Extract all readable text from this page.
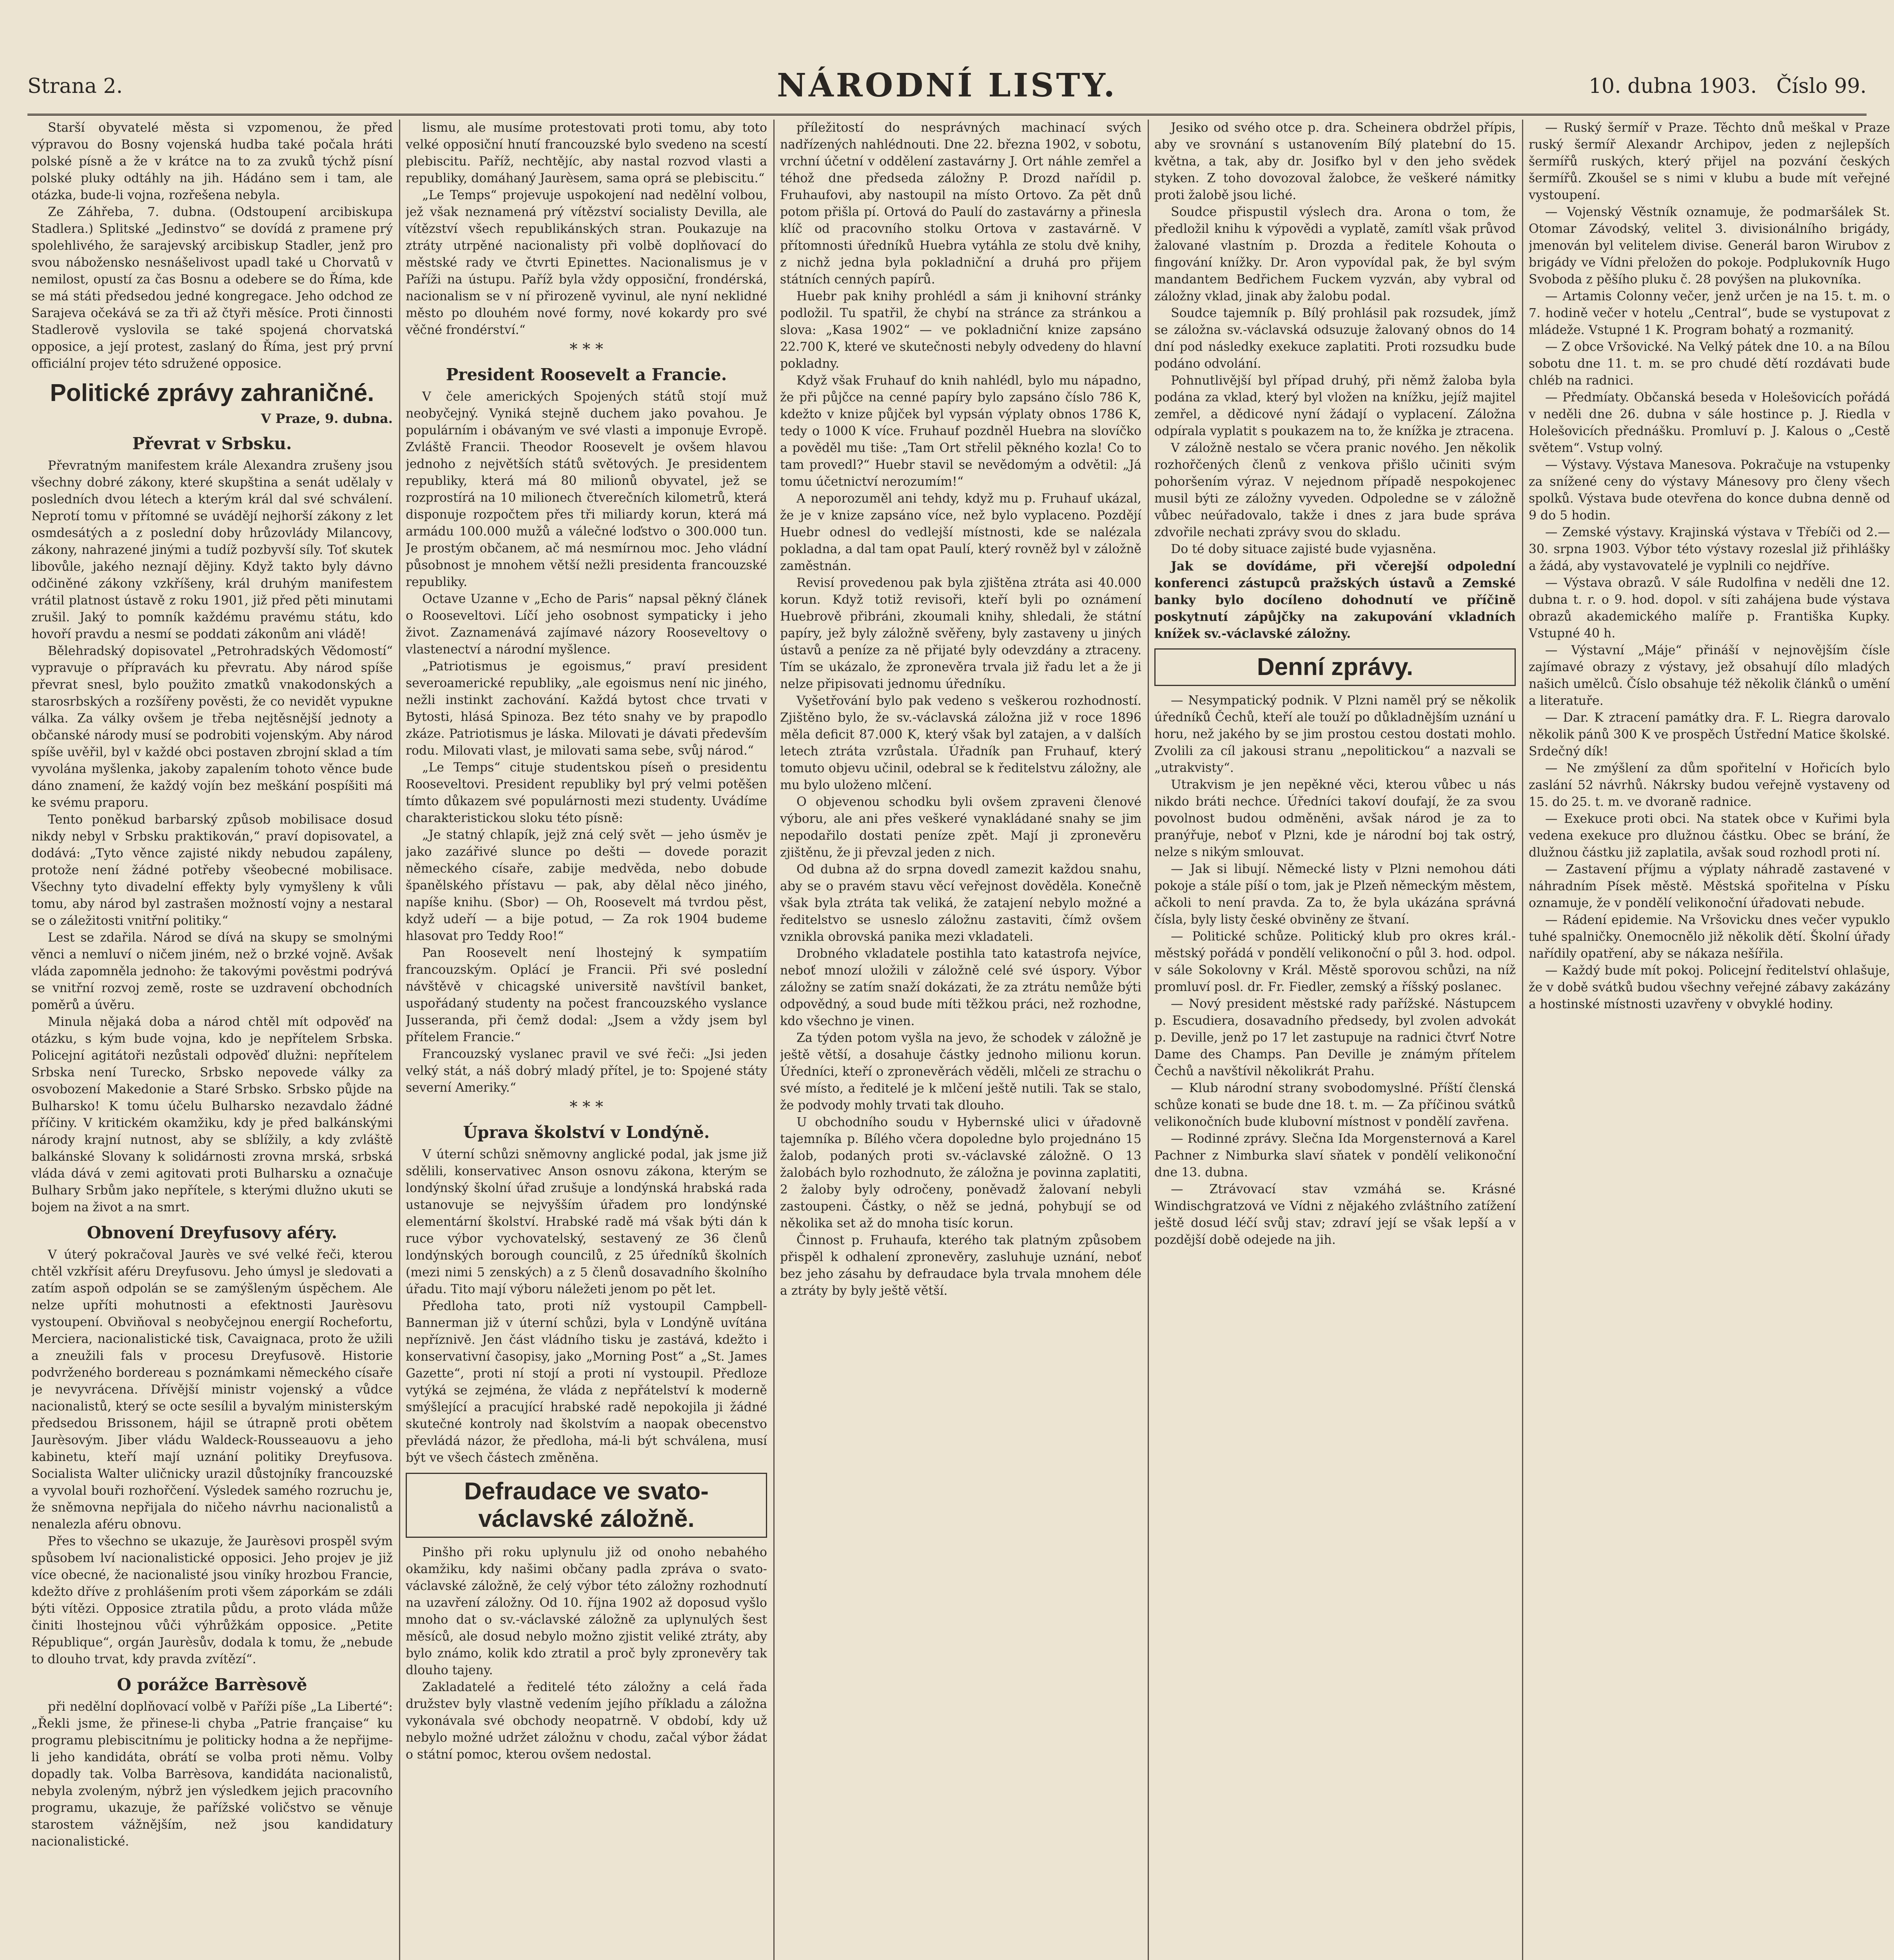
Strana 2.	NÁRODNÍ LISTY.	10. dubna 1903. Číslo 99.

Starší obyvatelé města si vzpomenou, že před výpravou do Bosny vojenská hudba také počala hráti polské písně a že v krátce na to za zvuků týchž písní polské pluky odtáhly na jih. Hádáno sem i tam, ale otázka, bude-li vojna, rozřešena nebyla.

Ze Záhřeba, 7. dubna. (Odstoupení arcibiskupa Stadlera.) Splitské „Jedinstvo“ se dovídá z pramene prý spolehlivého, že sarajevský arcibiskup Stadler, jenž pro svou nábožensko nesnášelivost upadl také u Chorvatů v nemilost, opustí za čas Bosnu a odebere se do Říma, kde se má státi předsedou jedné kongregace. Jeho odchod ze Sarajeva očekává se za tři až čtyři měsíce. Proti činnosti Stadlerově vyslovila se také spojená chorvatská opposice, a její protest, zaslaný do Říma, jest prý první officiální projev této sdružené opposice.

Politické zprávy zahraničné.

V Praze, 9. dubna.

Převrat v Srbsku.

Převratným manifestem krále Alexandra zrušeny jsou všechny dobré zákony, které skupština a senát udělaly v posledních dvou létech a kterým král dal své schválení. Neprotí tomu v přítomné se uvádějí nejhorší zákony z let osmdesátých a z poslední doby hrůzovlády Milancovy, zákony, nahrazené jinými a tudíž pozbyvší síly. Toť skutek libovůle, jakého neznají dějiny. Když takto byly dávno odčiněné zákony vzkříšeny, král druhým manifestem vrátil platnost ústavě z roku 1901, již před pěti minutami zrušil. Jaký to pomník každému pravému státu, kdo hovoří pravdu a nesmí se poddati zákonům ani vládě!

Bělehradský dopisovatel „Petrohradských Vědomostí“ vypravuje o přípravách ku převratu. Aby národ spíše převrat snesl, bylo použito zmatků vnakodonských a starosrbských a rozšířeny pověsti, že co nevidět vypukne válka. Za války ovšem je třeba nejtěsnější jednoty a občanské národy musí se podrobiti vojenským. Aby národ spíše uvěřil, byl v každé obci postaven zbrojní sklad a tím vyvolána myšlenka, jakoby zapalením tohoto věnce bude dáno znamení, že každý vojín bez meškání pospíšiti má ke svému praporu.

Tento poněkud barbarský způsob mobilisace dosud nikdy nebyl v Srbsku praktikován,“ praví dopisovatel, a dodává: „Tyto věnce zajisté nikdy nebudou zapáleny, protože není žádné potřeby všeobecné mobilisace. Všechny tyto divadelní effekty byly vymyšleny k vůli tomu, aby národ byl zastrašen možností vojny a nestaral se o záležitosti vnitřní politiky.“

Lest se zdařila. Národ se dívá na skupy se smolnými věnci a nemluví o ničem jiném, než o brzké vojně. Avšak vláda zapomněla jednoho: že takovými pověstmi podrývá se vnitřní rozvoj země, roste se uzdravení obchodních poměrů a úvěru.

Minula nějaká doba a národ chtěl mít odpověď na otázku, s kým bude vojna, kdo je nepřítelem Srbska. Policejní agitátoři nezůstali odpověď dlužni: nepřítelem Srbska není Turecko, Srbsko nepovede války za osvobození Makedonie a Staré Srbsko. Srbsko půjde na Bulharsko! K tomu účelu Bulharsko nezavdalo žádné příčiny. V kritickém okamžiku, kdy je před balkánskými národy krajní nutnost, aby se sblížily, a kdy zvláště balkánské Slovany k solidárnosti zrovna mrská, srbská vláda dává v zemi agitovati proti Bulharsku a označuje Bulhary Srbům jako nepřítele, s kterými dlužno ukuti se bojem na život a na smrt.

Obnovení Dreyfusovy aféry.

V úterý pokračoval Jaurès ve své velké řeči, kterou chtěl vzkřísit aféru Dreyfusovu. Jeho úmysl je sledovati a zatím aspoň odpolán se se zamýšleným úspěchem. Ale nelze upříti mohutnosti a efektnosti Jaurèsovu vystoupení. Obviňoval s neobyčejnou energií Rochefortu, Merciera, nacionalistické tisk, Cavaignaca, proto že užili a zneužili fals v procesu Dreyfusově. Historie podvrženého bordereau s poznámkami německého císaře je nevyvrácena. Dřívější ministr vojenský a vůdce nacionalistů, který se octe sesílil a byvalým ministerským předsedou Brissonem, hájil se útrapně proti obětem Jaurèsovým. Jiber vládu Waldeck-Rousseauovu a jeho kabinetu, kteří mají uznání politiky Dreyfusova. Socialista Walter uličnicky urazil důstojníky francouzské a vyvolal bouři rozhořčení. Výsledek samého rozruchu je, že sněmovna nepřijala do ničeho návrhu nacionalistů a nenalezla aféru obnovu.

Přes to všechno se ukazuje, že Jaurèsovi prospěl svým spůsobem lví nacionalistické opposici. Jeho projev je již více obecné, že nacionalisté jsou viníky hrozbou Francie, kdežto dříve z prohlášením proti všem záporkám se zdáli býti vítězi. Opposice ztratila půdu, a proto vláda může činiti lhostejnou vůči výhrůžkám opposice. „Petite République“, orgán Jaurèsův, dodala k tomu, že „nebude to dlouho trvat, kdy pravda zvítězí“.

O porážce Barrèsově

při nedělní doplňovací volbě v Paříži píše „La Liberté“: „Řekli jsme, že přinese-li chyba „Patrie française“ ku programu plebiscitnímu je politicky hodna a že nepřijme-li jeho kandidáta, obrátí se volba proti němu. Volby dopadly tak. Volba Barrèsova, kandidáta nacionalistů, nebyla zvoleným, nýbrž jen výsledkem jejich pracovního programu, ukazuje, že pařížské voličstvo se věnuje starostem vážnějším, než jsou kandidatury nacionalistické.

lismu, ale musíme protestovati proti tomu, aby toto velké opposiční hnutí francouzské bylo svedeno na scestí plebiscitu. Paříž, nechtějíc, aby nastal rozvod vlasti a republiky, domáhaný Jaurèsem, sama oprá se plebiscitu.“

„Le Temps“ projevuje uspokojení nad nedělní volbou, jež však neznamená prý vítězství socialisty Devilla, ale vítězství všech republikánských stran. Poukazuje na ztráty utrpěné nacionalisty při volbě doplňovací do městské rady ve čtvrti Epinettes. Nacionalismus je v Paříži na ústupu. Paříž byla vždy opposiční, frondérská, nacionalism se v ní přirozeně vyvinul, ale nyní neklidné město po dlouhém nové formy, nové kokardy pro své věčné frondérství.“

* * *

President Roosevelt a Francie.

V čele amerických Spojených států stojí muž neobyčejný. Vyniká stejně duchem jako povahou. Je populárním i obávaným ve své vlasti a imponuje Evropě. Zvláště Francii. Theodor Roosevelt je ovšem hlavou jednoho z největších států světových. Je presidentem republiky, která má 80 milionů obyvatel, jež se rozprostírá na 10 milionech čtverečních kilometrů, která disponuje rozpočtem přes tři miliardy korun, která má armádu 100.000 mužů a válečné loďstvo o 300.000 tun. Je prostým občanem, ač má nesmírnou moc. Jeho vládní působnost je mnohem větší nežli presidenta francouzské republiky.

Octave Uzanne v „Echo de Paris“ napsal pěkný článek o Rooseveltovi. Líčí jeho osobnost sympaticky i jeho život. Zaznamenává zajímavé názory Rooseveltovy o vlastenectví a národní myšlence.

„Patriotismus je egoismus,“ praví president severoamerické republiky, „ale egoismus není nic jiného, nežli instinkt zachování. Každá bytost chce trvati v Bytosti, hlásá Spinoza. Bez této snahy ve by prapodlo zkáze. Patriotismus je láska. Milovati je dávati především rodu. Milovati vlast, je milovati sama sebe, svůj národ.“

„Le Temps“ cituje studentskou píseň o presidentu Rooseveltovi. President republiky byl prý velmi potěšen tímto důkazem své populárnosti mezi studenty. Uvádíme charakteristickou sloku této písně:

„Je statný chlapík, jejž zná celý svět — jeho úsměv je jako zazářivé slunce po dešti — dovede porazit německého císaře, zabije medvěda, nebo dobude španělského přístavu — pak, aby dělal něco jiného, napíše knihu. (Sbor) — Oh, Roosevelt má tvrdou pěst, když udeří — a bije potud, — Za rok 1904 budeme hlasovat pro Teddy Roo!“

Pan Roosevelt není lhostejný k sympatiím francouzským. Oplácí je Francii. Při své poslední návštěvě v chicagské universitě navštívil banket, uspořádaný studenty na počest francouzského vyslance Jusseranda, při čemž dodal: „Jsem a vždy jsem byl přítelem Francie.“

Francouzský vyslanec pravil ve své řeči: „Jsi jeden velký stát, a náš dobrý mladý přítel, je to: Spojené státy severní Ameriky.“

* * *

Úprava školství v Londýně.

V úterní schůzi sněmovny anglické podal, jak jsme již sdělili, konservativec Anson osnovu zákona, kterým se londýnský školní úřad zrušuje a londýnská hrabská rada ustanovuje se nejvyšším úřadem pro londýnské elementární školství. Hrabské radě má však býti dán k ruce výbor vychovatelský, sestavený ze 36 členů londýnských borough councilů, z 25 úředníků školních (mezi nimi 5 zenských) a z 5 členů dosavadního školního úřadu. Tito mají výboru náležeti jenom po pět let.

Předloha tato, proti níž vystoupil Campbell-Bannerman již v úterní schůzi, byla v Londýně uvítána nepříznivě. Jen část vládního tisku je zastává, kdežto i konservativní časopisy, jako „Morning Post“ a „St. James Gazette“, proti ní stojí a proti ní vystoupil. Předloze vytýká se zejména, že vláda z nepřátelství k moderně smýšlející a pracující hrabské radě nepokojila ji žádné skutečné kontroly nad školstvím a naopak obecenstvo převládá názor, že předloha, má-li být schválena, musí být ve všech částech změněna.

Defraudace ve svato-václavské záložně.

Pinšho při roku uplynulu již od onoho nebahého okamžiku, kdy našimi občany padla zpráva o svato-václavské záložně, že celý výbor této záložny rozhodnutí na uzavření záložny. Od 10. října 1902 až doposud vyšlo mnoho dat o sv.-václavské záložně za uplynulých šest měsíců, ale dosud nebylo možno zjistit veliké ztráty, aby bylo známo, kolik kdo ztratil a proč byly zpronevěry tak dlouho tajeny.

Zakladatelé a ředitelé této záložny a celá řada družstev byly vlastně vedením jejího příkladu a záložna vykonávala své obchody neopatrně. V období, kdy už nebylo možné udržet záložnu v chodu, začal výbor žádat o státní pomoc, kterou ovšem nedostal.

příležitostí do nesprávných machinací svých nadřízených nahlédnouti. Dne 22. března 1902, v sobotu, vrchní účetní v oddělení zastavárny J. Ort náhle zemřel a téhož dne předseda záložny P. Drozd nařídil p. Fruhaufovi, aby nastoupil na místo Ortovo. Za pět dnů potom přišla pí. Ortová do Paulí do zastavárny a přinesla klíč od pracovního stolku Ortova v zastavárně. V přítomnosti úředníků Huebra vytáhla ze stolu dvě knihy, z nichž jedna byla pokladniční a druhá pro přijem státních cenných papírů.

Huebr pak knihy prohlédl a sám ji knihovní stránky podložil. Tu spatřil, že chybí na stránce za stránkou a slova: „Kasa 1902“ — ve pokladniční knize zapsáno 22.700 K, které ve skutečnosti nebyly odvedeny do hlavní pokladny.

Když však Fruhauf do knih nahlédl, bylo mu nápadno, že při půjčce na cenné papíry bylo zapsáno číslo 786 K, kdežto v knize půjček byl vypsán výplaty obnos 1786 K, tedy o 1000 K více. Fruhauf pozdněl Huebra na slovíčko a pověděl mu tiše: „Tam Ort střelil pěkného kozla! Co to tam provedl?“ Huebr stavil se nevědomým a odvětil: „Já tomu účetnictví nerozumím!“

A neporozuměl ani tehdy, když mu p. Fruhauf ukázal, že je v knize zapsáno více, než bylo vyplaceno. Pozdějí Huebr odnesl do vedlejší místnosti, kde se nalézala pokladna, a dal tam opat Paulí, který rovněž byl v záložně zaměstnán.

Revisí provedenou pak byla zjištěna ztráta asi 40.000 korun. Když totiž revisoři, kteří byli po oznámení Huebrově přibráni, zkoumali knihy, shledali, že státní papíry, jež byly záložně svěřeny, byly zastaveny u jiných ústavů a peníze za ně přijaté byly odevzdány a ztraceny. Tím se ukázalo, že zpronevěra trvala již řadu let a že ji nelze připisovati jednomu úředníku.

Vyšetřování bylo pak vedeno s veškerou rozhodností. Zjištěno bylo, že sv.-václavská záložna již v roce 1896 měla deficit 87.000 K, který však byl zatajen, a v dalších letech ztráta vzrůstala. Úřadník pan Fruhauf, který tomuto objevu učinil, odebral se k ředitelstvu záložny, ale mu bylo uloženo mlčení.

O objevenou schodku byli ovšem zpraveni členové výboru, ale ani přes veškeré vynakládané snahy se jim nepodařilo dostati peníze zpět. Mají ji zpronevěru zjištěnu, že ji převzal jeden z nich.

Od dubna až do srpna dovedl zamezit každou snahu, aby se o pravém stavu věcí veřejnost dověděla. Konečně však byla ztráta tak veliká, že zatajení nebylo možné a ředitelstvo se usneslo záložnu zastaviti, čímž ovšem vznikla obrovská panika mezi vkladateli.

Drobného vkladatele postihla tato katastrofa nejvíce, neboť mnozí uložili v záložně celé své úspory. Výbor záložny se zatím snaží dokázati, že za ztrátu nemůže býti odpovědný, a soud bude míti těžkou práci, než rozhodne, kdo všechno je vinen.

Za týden potom vyšla na jevo, že schodek v záložně je ještě větší, a dosahuje částky jednoho milionu korun. Úředníci, kteří o zpronevěrách věděli, mlčeli ze strachu o své místo, a ředitelé je k mlčení ještě nutili. Tak se stalo, že podvody mohly trvati tak dlouho.

U obchodního soudu v Hybernské ulici v úřadovně tajemníka p. Bílého včera dopoledne bylo projednáno 15 žalob, podaných proti sv.-václavské záložně. O 13 žalobách bylo rozhodnuto, že záložna je povinna zaplatiti, 2 žaloby byly odročeny, poněvadž žalovaní nebyli zastoupeni. Částky, o něž se jedná, pohybují se od několika set až do mnoha tisíc korun.

Činnost p. Fruhaufa, kterého tak platným způsobem přispěl k odhalení zpronevěry, zasluhuje uznání, neboť bez jeho zásahu by defraudace byla trvala mnohem déle a ztráty by byly ještě větší.

Jesiko od svého otce p. dra. Scheinera obdržel přípis, aby ve srovnání s ustanovením Bílý platební do 15. května, a tak, aby dr. Josifko byl v den jeho svědek styken. Z toho dovozoval žalobce, že veškeré námitky proti žalobě jsou liché.

Soudce přispustil výslech dra. Arona o tom, že předložil knihu k výpovědi a vyplatě, zamítl však průvod žalované vlastním p. Drozda a ředitele Kohouta o fingování knížky. Dr. Aron vypovídal pak, že byl svým mandantem Bedřichem Fuckem vyzván, aby vybral od záložny vklad, jinak aby žalobu podal.

Soudce tajemník p. Bílý prohlásil pak rozsudek, jímž se záložna sv.-václavská odsuzuje žalovaný obnos do 14 dní pod následky exekuce zaplatiti. Proti rozsudku bude podáno odvolání.

Pohnutlivější byl případ druhý, při němž žaloba byla podána za vklad, který byl vložen na knížku, jejíž majitel zemřel, a dědicové nyní žádají o vyplacení. Záložna odpírala vyplatit s poukazem na to, že knížka je ztracena.

V záložně nestalo se včera pranic nového. Jen několik rozhořčených členů z venkova přišlo učiniti svým pohoršením výraz. V nejednom případě nespokojenec musil býti ze záložny vyveden. Odpoledne se v záložně vůbec neúřadovalo, takže i dnes z jara bude správa zdvořile nechati zprávy svou do skladu.

Do té doby situace zajisté bude vyjasněna.

Jak se dovídáme, při včerejší odpolední konferenci zástupců pražských ústavů a Zemské banky bylo docíleno dohodnutí ve příčině poskytnutí zápůjčky na zakupování vkladních knížek sv.-václavské záložny.

Denní zprávy.

— Nesympatický podnik. V Plzni naměl prý se několik úředníků Čechů, kteří ale touží po důkladnějším uznání u horu, než jakého by se jim prostou cestou dostati mohlo. Zvolili za cíl jakousi stranu „nepolitickou“ a nazvali se „utrakvisty“.

Utrakvism je jen nepěkné věci, kterou vůbec u nás nikdo bráti nechce. Úředníci takoví doufají, že za svou povolnost budou odměněni, avšak národ je za to pranýřuje, neboť v Plzni, kde je národní boj tak ostrý, nelze s nikým smlouvat.

— Jak si libují. Německé listy v Plzni nemohou dáti pokoje a stále píší o tom, jak je Plzeň německým městem, ačkoli to není pravda. Za to, že byla ukázána správná čísla, byly listy české obviněny ze štvaní.

— Politické schůze. Politický klub pro okres král.-městský pořádá v pondělí velikonoční o půl 3. hod. odpol. v sále Sokolovny v Král. Městě sporovou schůzi, na níž promluví posl. dr. Fr. Fiedler, zemský a říšský poslanec.

— Nový president městské rady pařížské. Nástupcem p. Escudiera, dosavadního předsedy, byl zvolen advokát p. Deville, jenž po 17 let zastupuje na radnici čtvrť Notre Dame des Champs. Pan Deville je známým přítelem Čechů a navštívil několikrát Prahu.

— Klub národní strany svobodomyslné. Příští členská schůze konati se bude dne 18. t. m. — Za příčinou svátků velikonočních bude klubovní místnost v pondělí zavřena.

— Rodinné zprávy. Slečna Ida Morgensternová a Karel Pachner z Nimburka slaví sňatek v pondělí velikonoční dne 13. dubna.

— Ztrávovací stav vzmáhá se. Krásné Windischgratzová ve Vídni z nějakého zvláštního zatížení ještě dosud léčí svůj stav; zdraví její se však lepší a v pozdější době odejede na jih.

— Ruský šermíř v Praze. Těchto dnů meškal v Praze ruský šermíř Alexandr Archipov, jeden z nejlepších šermířů ruských, který přijel na pozvání českých šermířů. Zkoušel se s nimi v klubu a bude mít veřejné vystoupení.

— Vojenský Věstník oznamuje, že podmaršálek St. Otomar Závodský, velitel 3. divisionálního brigády, jmenován byl velitelem divise. Generál baron Wirubov z brigády ve Vídni přeložen do pokoje. Podplukovník Hugo Svoboda z pěšího pluku č. 28 povýšen na plukovníka.

— Artamis Colonny večer, jenž určen je na 15. t. m. o 7. hodině večer v hotelu „Central“, bude se vystupovat z mládeže. Vstupné 1 K. Program bohatý a rozmanitý.

— Z obce Vršovické. Na Velký pátek dne 10. a na Bílou sobotu dne 11. t. m. se pro chudé dětí rozdávati bude chléb na radnici.

— Předmíaty. Občanská beseda v Holešovicích pořádá v neděli dne 26. dubna v sále hostince p. J. Riedla v Holešovicích přednášku. Promluví p. J. Kalous o „Cestě světem“. Vstup volný.

— Výstavy. Výstava Manesova. Pokračuje na vstupenky za snížené ceny do výstavy Mánesovy pro členy všech spolků. Výstava bude otevřena do konce dubna denně od 9 do 5 hodin.

— Zemské výstavy. Krajinská výstava v Třebíči od 2.—30. srpna 1903. Výbor této výstavy rozeslal již přihlášky a žádá, aby vystavovatelé je vyplnili co nejdříve.

— Výstava obrazů. V sále Rudolfina v neděli dne 12. dubna t. r. o 9. hod. dopol. v síti zahájena bude výstava obrazů akademického malíře p. Františka Kupky. Vstupné 40 h.

— Výstavní „Máje“ přináší v nejnovějším čísle zajímavé obrazy z výstavy, jež obsahují dílo mladých našich umělců. Číslo obsahuje též několik článků o umění a literatuře.

— Dar. K ztracení památky dra. F. L. Riegra darovalo několik pánů 300 K ve prospěch Ústřední Matice školské. Srdečný dík!

— Ne zmýšlení za dům spořitelní v Hořicích bylo zaslání 52 návrhů. Nákrsky budou veřejně vystaveny od 15. do 25. t. m. ve dvoraně radnice.

— Exekuce proti obci. Na statek obce v Kuřimi byla vedena exekuce pro dlužnou částku. Obec se brání, že dlužnou částku již zaplatila, avšak soud rozhodl proti ní.

— Zastavení příjmu a výplaty náhradě zastavené v náhradním Písek městě. Městská spořitelna v Písku oznamuje, že v pondělí velikonoční úřadovati nebude.

— Rádení epidemie. Na Vršovicku dnes večer vypuklo tuhé spalničky. Onemocnělo již několik dětí. Školní úřady nařídily opatření, aby se nákaza nešířila.

— Každý bude mít pokoj. Policejní ředitelství ohlašuje, že v době svátků budou všechny veřejné zábavy zakázány a hostinské místnosti uzavřeny v obvyklé hodiny.
